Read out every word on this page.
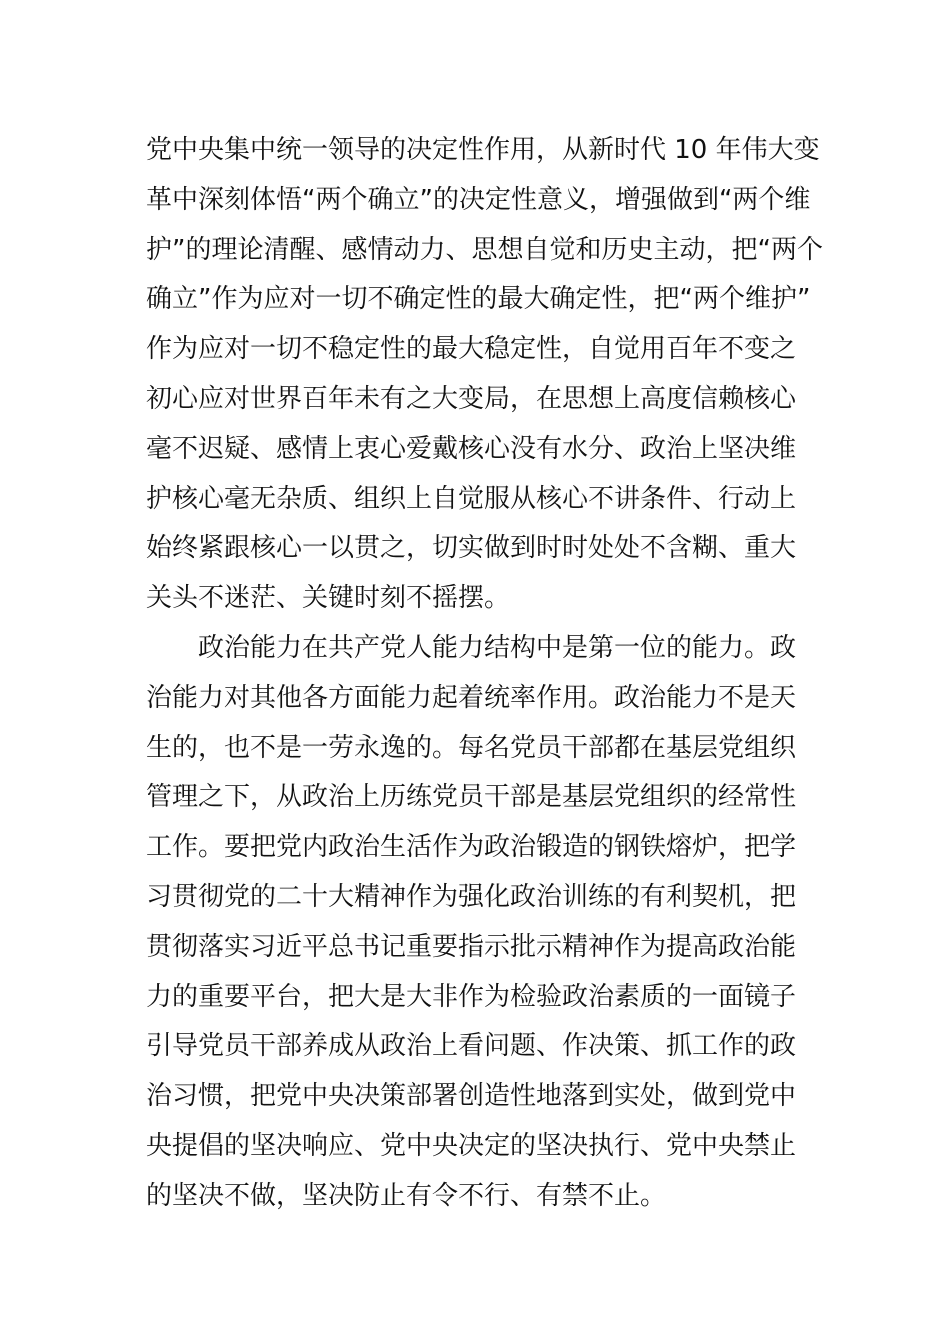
党中央集中统一领导的决定性作用，从新时代 10 年伟大变
革中深刻体悟“两个确立”的决定性意义，增强做到“两个维
护”的理论清醒、感情动力、思想自觉和历史主动，把“两个
确立”作为应对一切不确定性的最大确定性，把“两个维护”
作为应对一切不稳定性的最大稳定性，自觉用百年不变之
初心应对世界百年未有之大变局，在思想上高度信赖核心
毫不迟疑、感情上衷心爱戴核心没有水分、政治上坚决维
护核心毫无杂质、组织上自觉服从核心不讲条件、行动上
始终紧跟核心一以贯之，切实做到时时处处不含糊、重大
关头不迷茫、关键时刻不摇摆。
　　政治能力在共产党人能力结构中是第一位的能力。政
治能力对其他各方面能力起着统率作用。政治能力不是天
生的，也不是一劳永逸的。每名党员干部都在基层党组织
管理之下，从政治上历练党员干部是基层党组织的经常性
工作。要把党内政治生活作为政治锻造的钢铁熔炉，把学
习贯彻党的二十大精神作为强化政治训练的有利契机，把
贯彻落实习近平总书记重要指示批示精神作为提高政治能
力的重要平台，把大是大非作为检验政治素质的一面镜子
引导党员干部养成从政治上看问题、作决策、抓工作的政
治习惯，把党中央决策部署创造性地落到实处，做到党中
央提倡的坚决响应、党中央决定的坚决执行、党中央禁止
的坚决不做，坚决防止有令不行、有禁不止。
